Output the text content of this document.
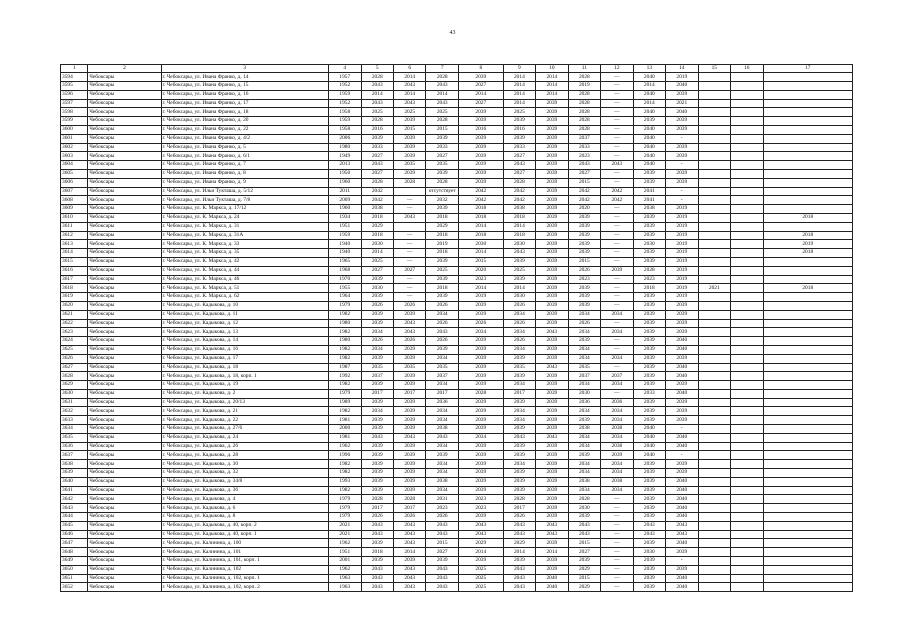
43
1	2	3	4	5	6	7	8	9	10	11	12	13	14	15	16	17
3594	Чебоксары	г. Чебоксары, ул. Ивана Франко, д. 14	1957	2028	2014	2028	2039	2014	2014	2028	—	2040	2019			
3595	Чебоксары	г. Чебоксары, ул. Ивана Франко, д. 15	1952	2043	2043	2043	2027	2014	2014	2019	—	2014	2040			
3596	Чебоксары	г. Чебоксары, ул. Ивана Франко, д. 16	1959	2014	2014	2014	2014	2014	2014	2028	—	2040	2039			
3597	Чебоксары	г. Чебоксары, ул. Ивана Франко, д. 17	1952	2043	2043	2043	2027	2014	2039	2028	—	2014	2021			
3598	Чебоксары	г. Чебоксары, ул. Ивана Франко, д. 18	1958	2025	2025	2025	2039	2025	2039	2028	—	2040	2040			
3599	Чебоксары	г. Чебоксары, ул. Ивана Франко, д. 20	1959	2028	2039	2028	2039	2039	2039	2028	—	2039	2039			
3600	Чебоксары	г. Чебоксары, ул. Ивана Франко, д. 22	1958	2016	2015	2015	2016	2016	2039	2028	—	2040	2039			
3601	Чебоксары	г. Чебоксары, ул. Ивана Франко, д. 4/2	2006	2039	2039	2039	2039	2039	2039	2037	—	2040	-			
3602	Чебоксары	г. Чебоксары, ул. Ивана Франко, д. 5	1980	2033	2039	2033	2039	2033	2039	2033	—	2040	2039			
3603	Чебоксары	г. Чебоксары, ул. Ивана Франко, д. 6/1	1949	2027	2039	2027	2039	2027	2039	2023	—	2040	2039			
3604	Чебоксары	г. Чебоксары, ул. Ивана Франко, д. 7	2013	2043	2035	2035	2039	2043	2039	2043	2043	2040	-			
3605	Чебоксары	г. Чебоксары, ул. Ивана Франко, д. 8	1950	2027	2039	2039	2039	2027	2039	2027	—	2039	2039			
3606	Чебоксары	г. Чебоксары, ул. Ивана Франко, д. 9	1960	2028	2028	2028	2039	2028	2039	2015	—	2039	2039			
3607	Чебоксары	г. Чебоксары, ул. Ильи Тукташа, д. 5/12	2011	2042		отсутствует	2042	2042	2039	2042	2042	2041	-			
3608	Чебоксары	г. Чебоксары, ул. Ильи Тукташа, д. 7/8	2009	2042	—	2032	2042	2042	2039	2042	2042	2041	-			
3609	Чебоксары	г. Чебоксары, ул. К. Маркса, д. 17/12	1960	2038	—	2039	2018	2038	2039	2020	—	2038	2019			
3610	Чебоксары	г. Чебоксары, ул. К. Маркса, д. 24	1934	2018	2043	2018	2018	2018	2039	2039	—	2039	2019			2018
3611	Чебоксары	г. Чебоксары, ул. К. Маркса, д. 31	1951	2029		2029	2014	2014	2039	2039	—	2039	2019			
3612	Чебоксары	г. Чебоксары, ул. К. Маркса, д. 31А	1959	2018	—	2018	2018	2018	2039	2039	—	2039	2019			2018
3613	Чебоксары	г. Чебоксары, ул. К. Маркса, д. 33	1940	2030	—	2019	2030	2030	2039	2039	—	2030	2019			2019
3614	Чебоксары	г. Чебоксары, ул. К. Маркса, д. 35	1940	2014	—	2018	2014	2043	2039	2039	—	2039	2019			2018
3615	Чебоксары	г. Чебоксары, ул. К. Маркса, д. 42	1965	2025	—	2039	2015	2039	2039	2015	—	2039	2019			
3616	Чебоксары	г. Чебоксары, ул. К. Маркса, д. 44	1968	2027	2027	2025	2020	2025	2039	2026	2039	2028	2019			
3617	Чебоксары	г. Чебоксары, ул. К. Маркса, д. 46	1970	2039	—	2039	2023	2039	2039	2023	—	2023	2019			
3618	Чебоксары	г. Чебоксары, ул. К. Маркса, д. 51	1955	2030	—	2018	2014	2014	2039	2039	—	2018	2019	2021		2018
3619	Чебоксары	г. Чебоксары, ул. К. Маркса, д. 62	1964	2039	—	2039	2019	2030	2039	2039	—	2039	2019			
3620	Чебоксары	г. Чебоксары, ул. Кадыкова, д. 10	1979	2026	2026	2026	2039	2026	2039	2039	—	2039	2039			
3621	Чебоксары	г. Чебоксары, ул. Кадыкова, д. 11	1982	2039	2039	2034	2039	2034	2039	2034	2034	2039	2039			
3622	Чебоксары	г. Чебоксары, ул. Кадыкова, д. 12	1980	2039	2043	2026	2026	2026	2039	2026	—	2039	2039			
3623	Чебоксары	г. Чебоксары, ул. Кадыкова, д. 13	1982	2034	2043	2043	2034	2034	2043	2034	2034	2039	2039			
3624	Чебоксары	г. Чебоксары, ул. Кадыкова, д. 14	1980	2026	2026	2026	2039	2026	2039	2039	—	2039	2040			
3625	Чебоксары	г. Чебоксары, ул. Кадыкова, д. 16	1982	2034	2039	2039	2039	2034	2039	2034	—	2039	2040			
3626	Чебоксары	г. Чебоксары, ул. Кадыкова, д. 17	1982	2039	2039	2034	2039	2039	2039	2034	2034	2039	2039			
3627	Чебоксары	г. Чебоксары, ул. Кадыкова, д. 18	1987	2035	2035	2035	2039	2035	2043	2035	—	2039	2040			
3628	Чебоксары	г. Чебоксары, ул. Кадыкова, д. 18, корп. 1	1992	2037	2039	2037	2039	2039	2039	2037	2037	2039	2040			
3629	Чебоксары	г. Чебоксары, ул. Кадыкова, д. 19	1982	2039	2039	2034	2039	2034	2039	2034	2034	2039	2039			
3630	Чебоксары	г. Чебоксары, ул. Кадыкова, д. 2	1979	2017	2017	2017	2028	2017	2039	2030	—	2033	2040			
3631	Чебоксары	г. Чебоксары, ул. Кадыкова, д. 20/13	1989	2039	2039	2036	2039	2039	2039	2036	2036	2039	2039			
3632	Чебоксары	г. Чебоксары, ул. Кадыкова, д. 21	1982	2034	2039	2034	2039	2034	2039	2034	2034	2039	2039			
3633	Чебоксары	г. Чебоксары, ул. Кадыкова, д. 22	1981	2039	2039	2034	2039	2034	2039	2039	2034	2039	2039			
3634	Чебоксары	г. Чебоксары, ул. Кадыкова, д. 27/6	2000	2039	2039	2038	2039	2039	2039	2038	2038	2040	-			
3635	Чебоксары	г. Чебоксары, ул. Кадыкова, д. 24	1981	2043	2043	2043	2034	2043	2043	2034	2034	2040	2040			
3636	Чебоксары	г. Чебоксары, ул. Кадыкова, д. 26	1962	2039	2039	2034	2039	2039	2039	2034	2038	2040	2040			
3637	Чебоксары	г. Чебоксары, ул. Кадыкова, д. 28	1996	2039	2039	2039	2039	2039	2039	2039	2039	2040	-			
3638	Чебоксары	г. Чебоксары, ул. Кадыкова, д. 30	1982	2039	2039	2034	2039	2034	2039	2034	2034	2039	2039			
3639	Чебоксары	г. Чебоксары, ул. Кадыкова, д. 32	1982	2039	2039	2034	2039	2039	2039	2034	2034	2039	2039			
3640	Чебоксары	г. Чебоксары, ул. Кадыкова, д. 34/8	1993	2039	2039	2038	2039	2039	2039	2038	2038	2039	2040			
3641	Чебоксары	г. Чебоксары, ул. Кадыкова, д. 36	1982	2039	2039	2034	2039	2039	2039	2034	2034	2039	2040			
3642	Чебоксары	г. Чебоксары, ул. Кадыкова, д. 4	1979	2028	2028	2031	2023	2028	2039	2028	—	2039	2040			
3643	Чебоксары	г. Чебоксары, ул. Кадыкова, д. 6	1979	2017	2017	2023	2023	2017	2039	2030	—	2039	2040			
3644	Чебоксары	г. Чебоксары, ул. Кадыкова, д. 8	1979	2026	2026	2026	2039	2026	2039	2039	—	2039	2040			
3645	Чебоксары	г. Чебоксары, ул. Кадыкова, д. 40, корп. 2	2021	2043	2043	2043	2043	2043	2043	2043	—	2043	2043			
3646	Чебоксары	г. Чебоксары, ул. Кадыкова, д. 40, корп. 1	2021	2043	2043	2043	2043	2043	2043	2043	—	2043	2043			
3647	Чебоксары	г. Чебоксары, ул. Калинина, д. 100	1962	2039	2043	2015	2029	2029	2039	2015	—	2039	2040			
3648	Чебоксары	г. Чебоксары, ул. Калинина, д. 101	1951	2018	2014	2027	2014	2014	2014	2027	—	2030	2039			
3649	Чебоксары	г. Чебоксары, ул. Калинина, д. 101, корп. 1	2001	2039	2039	2039	2039	2039	2039	2039	—	2039	-			
3650	Чебоксары	г. Чебоксары, ул. Калинина, д. 102	1962	2043	2043	2043	2025	2043	2039	2029	—	2039	2039			
3651	Чебоксары	г. Чебоксары, ул. Калинина, д. 102, корп. 1	1963	2043	2043	2043	2025	2043	2040	2015	—	2039	2040			
3652	Чебоксары	г. Чебоксары, ул. Калинина, д. 102, корп. 2	1963	2043	2043	2043	2025	2043	2040	2029	—	2039	2040			
